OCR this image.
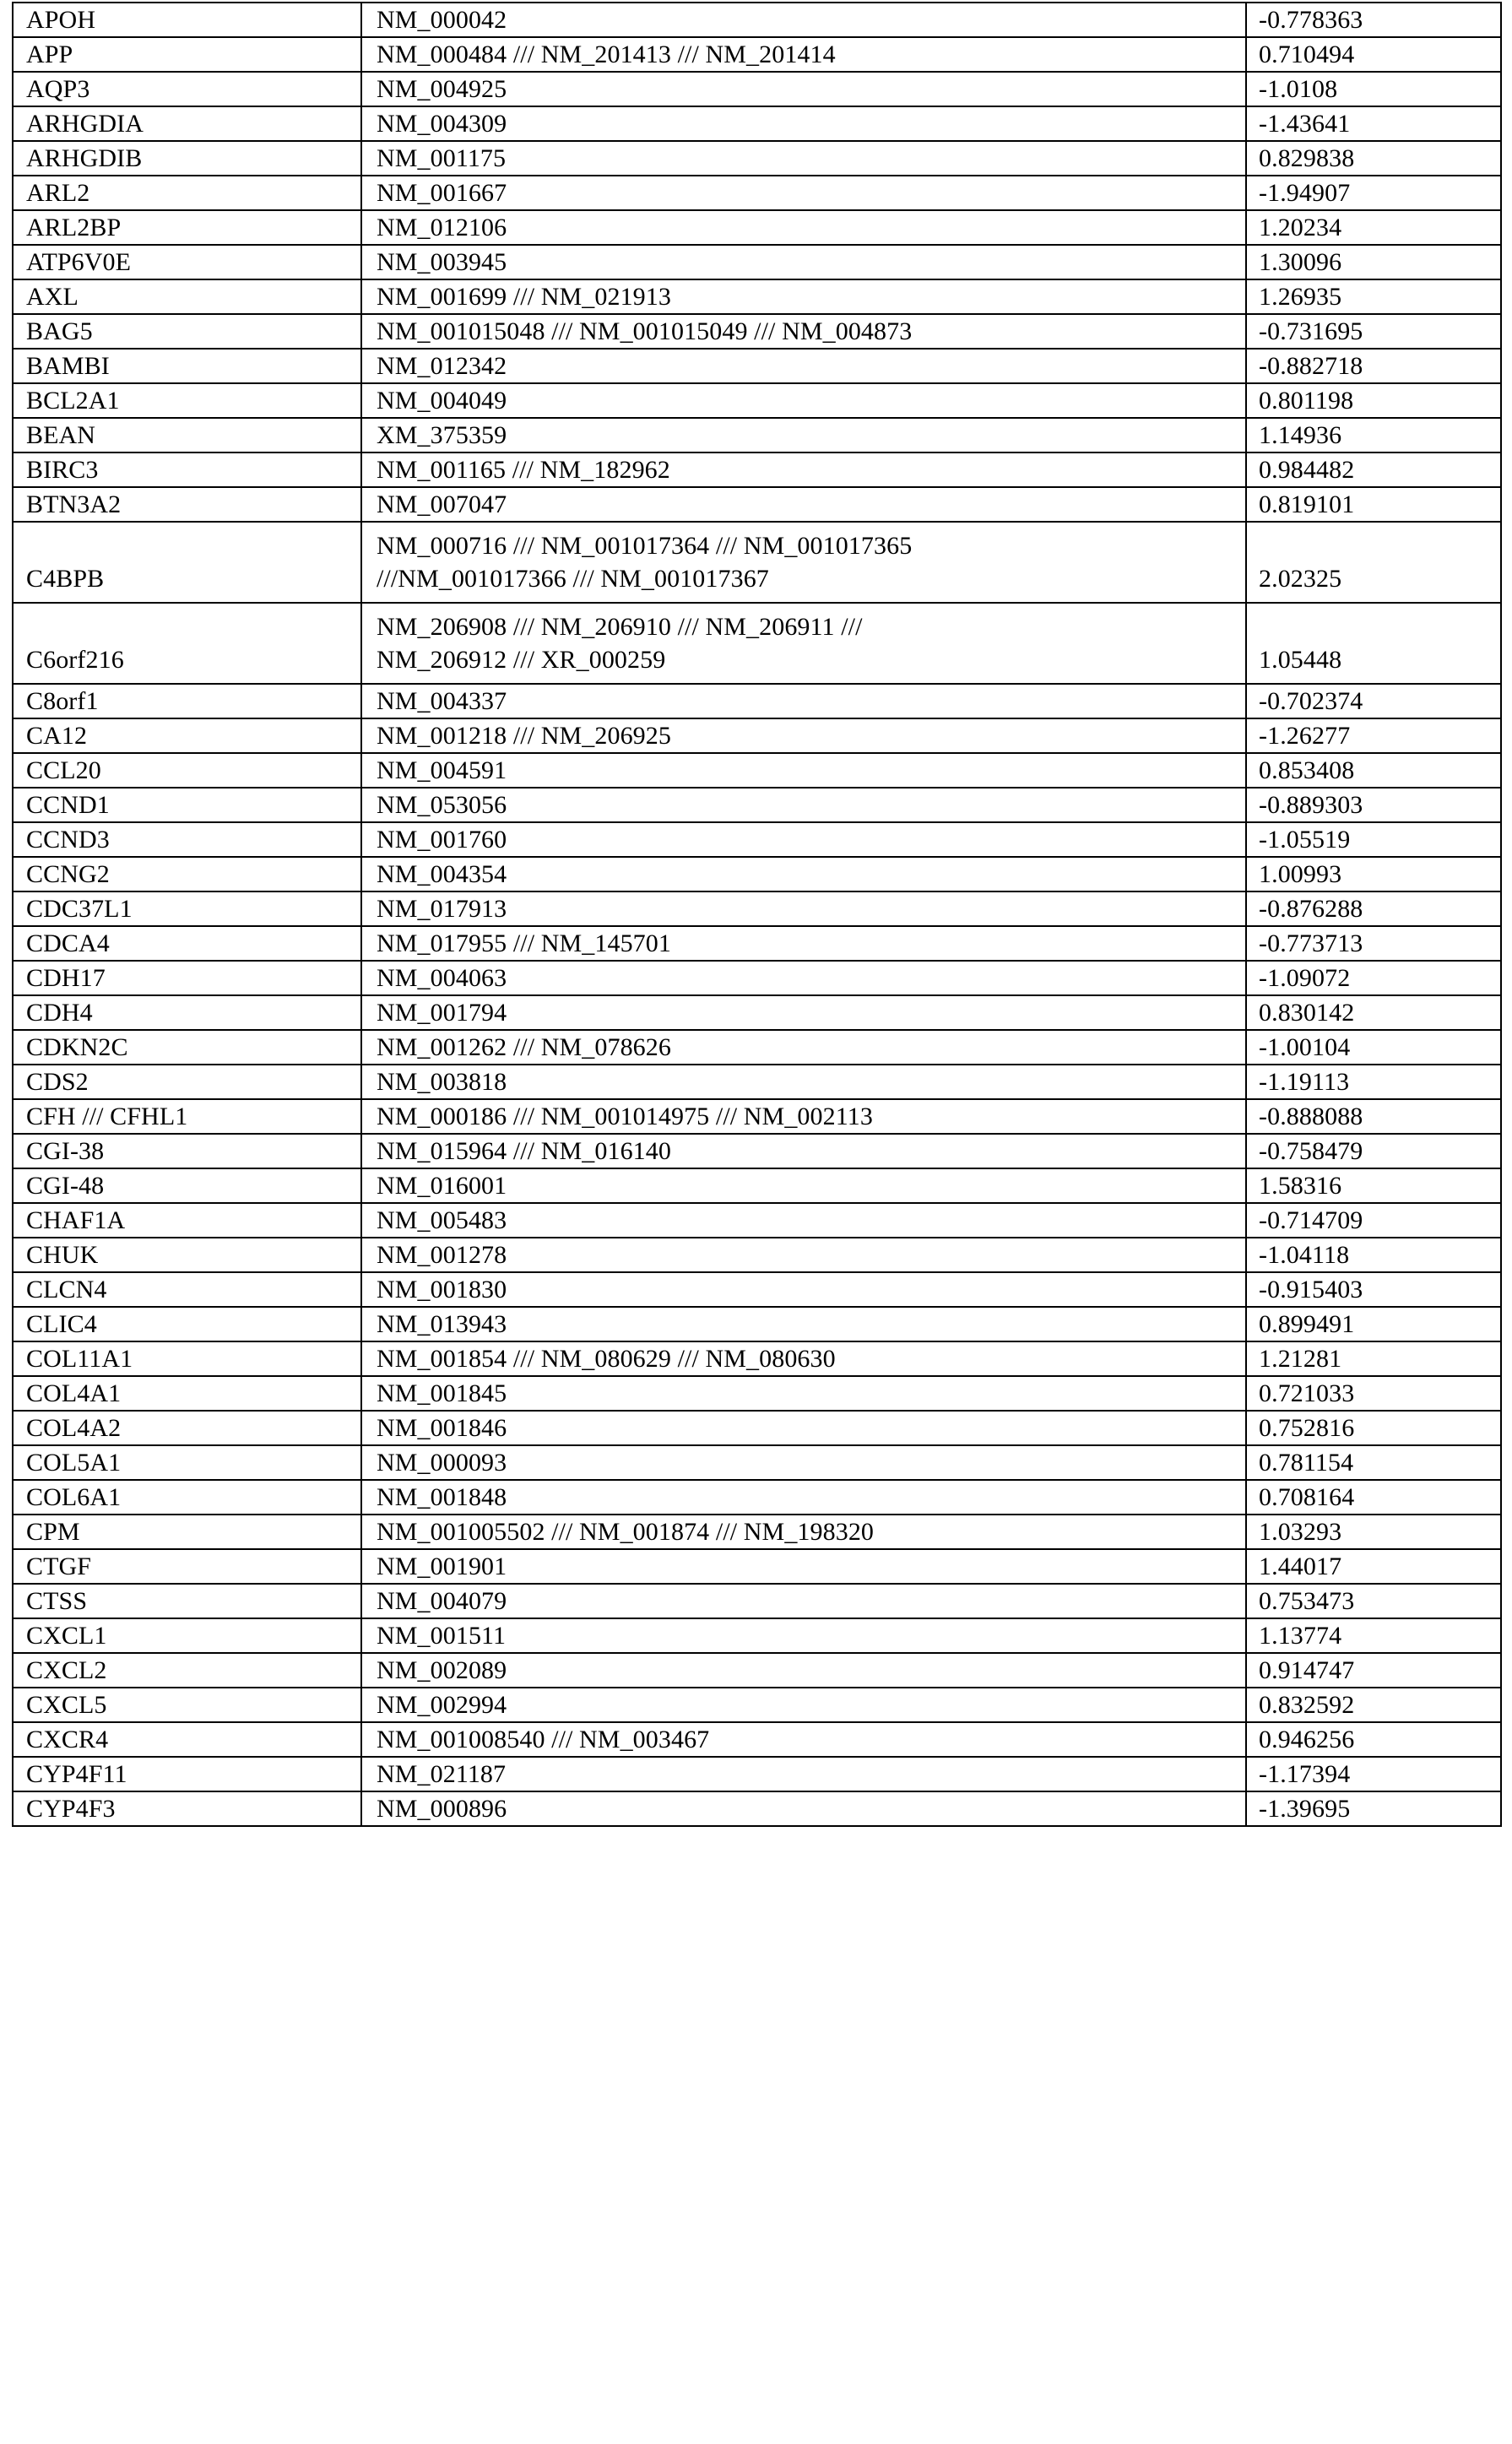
APOH	NM_000042	-0.778363
APP	NM_000484 /// NM_201413 /// NM_201414	0.710494
AQP3	NM_004925	-1.0108
ARHGDIA	NM_004309	-1.43641
ARHGDIB	NM_001175	0.829838
ARL2	NM_001667	-1.94907
ARL2BP	NM_012106	1.20234
ATP6V0E	NM_003945	1.30096
AXL	NM_001699 /// NM_021913	1.26935
BAG5	NM_001015048 /// NM_001015049 /// NM_004873	-0.731695
BAMBI	NM_012342	-0.882718
BCL2A1	NM_004049	0.801198
BEAN	XM_375359	1.14936
BIRC3	NM_001165 /// NM_182962	0.984482
BTN3A2	NM_007047	0.819101
C4BPB	NM_000716 /// NM_001017364 /// NM_001017365
///NM_001017366 /// NM_001017367	2.02325
C6orf216	NM_206908 /// NM_206910 /// NM_206911 ///
NM_206912 /// XR_000259	1.05448
C8orf1	NM_004337	-0.702374
CA12	NM_001218 /// NM_206925	-1.26277
CCL20	NM_004591	0.853408
CCND1	NM_053056	-0.889303
CCND3	NM_001760	-1.05519
CCNG2	NM_004354	1.00993
CDC37L1	NM_017913	-0.876288
CDCA4	NM_017955 /// NM_145701	-0.773713
CDH17	NM_004063	-1.09072
CDH4	NM_001794	0.830142
CDKN2C	NM_001262 /// NM_078626	-1.00104
CDS2	NM_003818	-1.19113
CFH /// CFHL1	NM_000186 /// NM_001014975 /// NM_002113	-0.888088
CGI-38	NM_015964 /// NM_016140	-0.758479
CGI-48	NM_016001	1.58316
CHAF1A	NM_005483	-0.714709
CHUK	NM_001278	-1.04118
CLCN4	NM_001830	-0.915403
CLIC4	NM_013943	0.899491
COL11A1	NM_001854 /// NM_080629 /// NM_080630	1.21281
COL4A1	NM_001845	0.721033
COL4A2	NM_001846	0.752816
COL5A1	NM_000093	0.781154
COL6A1	NM_001848	0.708164
CPM	NM_001005502 /// NM_001874 /// NM_198320	1.03293
CTGF	NM_001901	1.44017
CTSS	NM_004079	0.753473
CXCL1	NM_001511	1.13774
CXCL2	NM_002089	0.914747
CXCL5	NM_002994	0.832592
CXCR4	NM_001008540 /// NM_003467	0.946256
CYP4F11	NM_021187	-1.17394
CYP4F3	NM_000896	-1.39695
